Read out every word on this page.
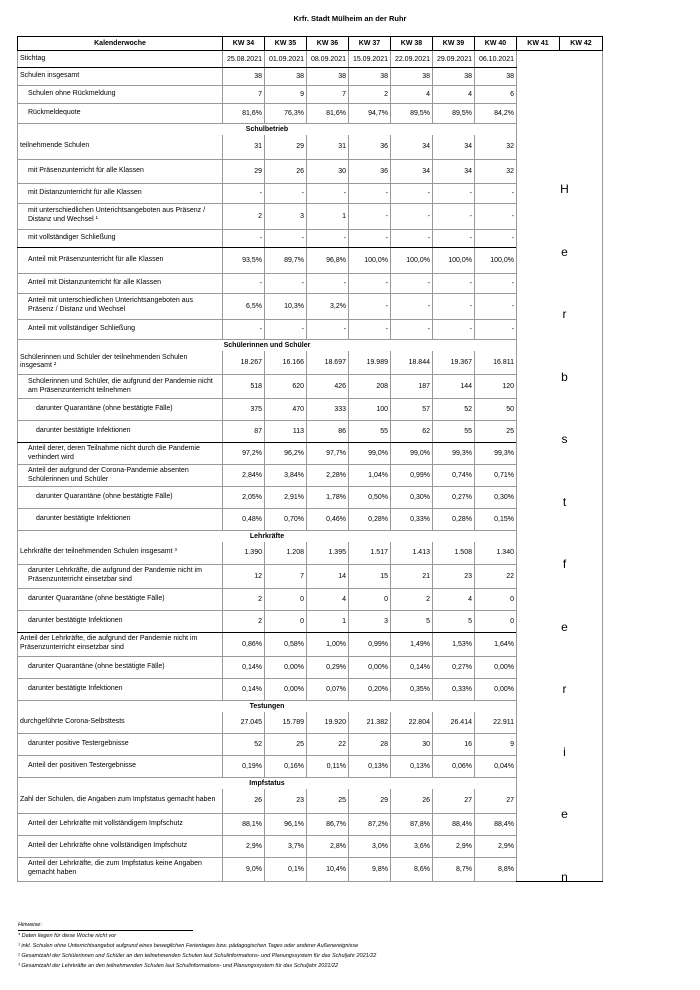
Krfr. Stadt Mülheim an der Ruhr
Kalenderwoche	KW 34	KW 35	KW 36	KW 37	KW 38	KW 39	KW 40	KW 41	KW 42
Stichtag	25.08.2021	01.09.2021	08.09.2021	15.09.2021	22.09.2021	29.09.2021	06.10.2021		
Schulen insgesamt	38	38	38	38	38	38	38		
Schulen ohne Rückmeldung	7	9	7	2	4	4	6		
Rückmeldequote	81,6%	76,3%	81,6%	94,7%	89,5%	89,5%	84,2%		
Schulbetrieb									
teilnehmende Schulen	31	29	31	36	34	34	32		
mit Präsenzunterricht für alle Klassen	29	26	30	36	34	34	32		
mit Distanzunterricht für alle Klassen	-	-	-	-	-	-	-		
mit unterschiedlichen Unterichtsangeboten aus Präsenz / Distanz und Wechsel ¹	2	3	1	-	-	-	-		
mit vollständiger Schließung	-	-	-	-	-	-	-		
Anteil mit Präsenzunterricht für alle Klassen	93,5%	89,7%	96,8%	100,0%	100,0%	100,0%	100,0%		
Anteil mit Distanzunterricht für alle Klassen	-	-	-	-	-	-	-		
Anteil mit unterschiedlichen Unterichtsangeboten aus Präsenz / Distanz und Wechsel	6,5%	10,3%	3,2%	-	-	-	-		
Anteil mit vollständiger Schließung	-	-	-	-	-	-	-		
Schülerinnen und Schüler									
Schülerinnen und Schüler der teilnehmenden Schulen insgesamt ²	18.267	16.166	18.697	19.989	18.844	19.367	16.811		
Schülerinnen und Schüler, die aufgrund der Pandemie nicht am Präsenzunterricht teilnehmen	518	620	426	208	187	144	120		
darunter Quarantäne (ohne bestätigte Fälle)	375	470	333	100	57	52	50		
darunter bestätigte Infektionen	87	113	86	55	62	55	25		
Anteil derer, deren Teilnahme nicht durch die Pandemie verhindert wird	97,2%	96,2%	97,7%	99,0%	99,0%	99,3%	99,3%		
Anteil der aufgrund der Corona-Pandemie absenten Schülerinnen und Schüler	2,84%	3,84%	2,28%	1,04%	0,99%	0,74%	0,71%		
darunter Quarantäne (ohne bestätigte Fälle)	2,05%	2,91%	1,78%	0,50%	0,30%	0,27%	0,30%		
darunter bestätigte Infektionen	0,48%	0,70%	0,46%	0,28%	0,33%	0,28%	0,15%		
Lehrkräfte									
Lehrkräfte der teilnehmenden Schulen insgesamt ³	1.390	1.208	1.395	1.517	1.413	1.508	1.340		
darunter Lehrkräfte, die aufgrund der Pandemie nicht im Präsenzunterricht einsetzbar sind	12	7	14	15	21	23	22		
darunter Quarantäne (ohne bestätigte Fälle)	2	0	4	0	2	4	0		
darunter bestätigte Infektionen	2	0	1	3	5	5	0		
Anteil der Lehrkräfte, die aufgrund der Pandemie nicht im Präsenzunterricht einsetzbar sind	0,86%	0,58%	1,00%	0,99%	1,49%	1,53%	1,64%		
darunter Quarantäne (ohne bestätigte Fälle)	0,14%	0,00%	0,29%	0,00%	0,14%	0,27%	0,00%		
darunter bestätigte Infektionen	0,14%	0,00%	0,07%	0,20%	0,35%	0,33%	0,00%		
Testungen									
durchgeführte Corona-Selbsttests	27.045	15.789	19.920	21.382	22.804	26.414	22.911		
darunter positive Testergebnisse	52	25	22	28	30	16	9		
Anteil der positiven Testergebnisse	0,19%	0,16%	0,11%	0,13%	0,13%	0,06%	0,04%		
Impfstatus									
Zahl der Schulen, die Angaben zum Impfstatus gemacht haben	26	23	25	29	26	27	27		
Anteil der Lehrkräfte mit vollständigem Impfschutz	88,1%	96,1%	86,7%	87,2%	87,8%	88,4%	88,4%		
Anteil der Lehrkräfte ohne vollständigen Impfschutz	2,9%	3,7%	2,8%	3,0%	3,6%	2,9%	2,9%		
Anteil der Lehrkräfte, die zum Impfstatus keine Angaben gemacht haben	9,0%	0,1%	10,4%	9,8%	8,6%	8,7%	8,8%		
H
e
r
b
s
t
f
e
r
i
e
n
Hinweise:
* Daten liegen für diese Woche nicht vor
¹ inkl. Schulen ohne Unterrichtsangebot aufgrund eines beweglichen Ferientages bzw. pädagogischen Tages oder anderer Außenereignisse
² Gesamtzahl der Schülerinnen und Schüler an den teilnehmenden Schulen laut Schulinformations- und Planungssystem für das Schuljahr 2021/22
³ Gesamtzahl der Lehrkräfte an den teilnehmenden Schulen laut Schulinformations- und Planungssystem für das Schuljahr 2021/22
